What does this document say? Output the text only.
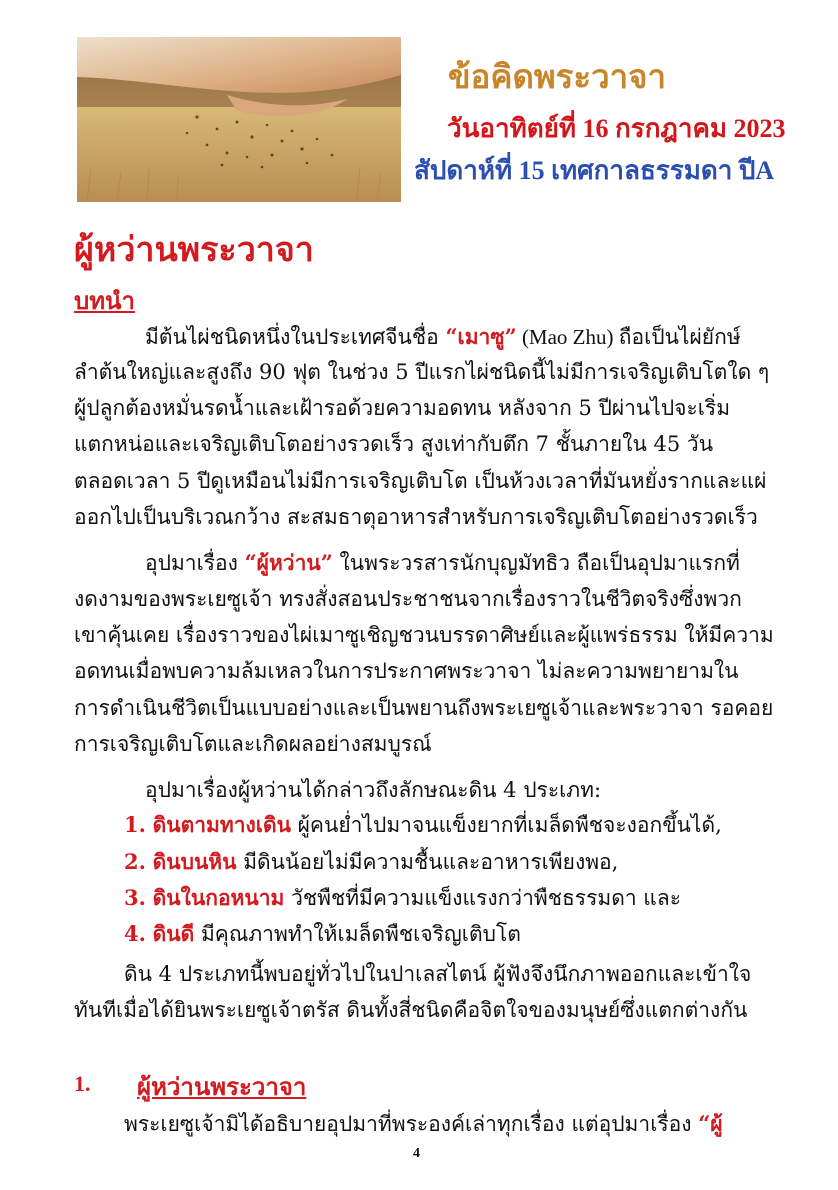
ข้อคิดพระวาจา
วันอาทิตย์ที่ 16 กรกฎาคม 2023
สัปดาห์ที่ 15 เทศกาลธรรมดา ปีA
ผู้หว่านพระวาจา
บทนำ
มีต้นไผ่ชนิดหนึ่งในประเทศจีนชื่อ “เมาซู” (Mao Zhu) ถือเป็นไผ่ยักษ์
ลำต้นใหญ่และสูงถึง 90 ฟุต ในช่วง 5 ปีแรกไผ่ชนิดนี้ไม่มีการเจริญเติบโตใด ๆ
ผู้ปลูกต้องหมั่นรดน้ำและเฝ้ารอด้วยความอดทน หลังจาก 5 ปีผ่านไปจะเริ่ม
แตกหน่อและเจริญเติบโตอย่างรวดเร็ว สูงเท่ากับตึก 7 ชั้นภายใน 45 วัน
ตลอดเวลา 5 ปีดูเหมือนไม่มีการเจริญเติบโต เป็นห้วงเวลาที่มันหยั่งรากและแผ่
ออกไปเป็นบริเวณกว้าง สะสมธาตุอาหารสำหรับการเจริญเติบโตอย่างรวดเร็ว
อุปมาเรื่อง “ผู้หว่าน” ในพระวรสารนักบุญมัทธิว ถือเป็นอุปมาแรกที่
งดงามของพระเยซูเจ้า ทรงสั่งสอนประชาชนจากเรื่องราวในชีวิตจริงซึ่งพวก
เขาคุ้นเคย เรื่องราวของไผ่เมาซูเชิญชวนบรรดาศิษย์และผู้แพร่ธรรม ให้มีความ
อดทนเมื่อพบความล้มเหลวในการประกาศพระวาจา ไม่ละความพยายามใน
การดำเนินชีวิตเป็นแบบอย่างและเป็นพยานถึงพระเยซูเจ้าและพระวาจา รอคอย
การเจริญเติบโตและเกิดผลอย่างสมบูรณ์
อุปมาเรื่องผู้หว่านได้กล่าวถึงลักษณะดิน 4 ประเภท:
1. ดินตามทางเดิน ผู้คนย่ำไปมาจนแข็งยากที่เมล็ดพืชจะงอกขึ้นได้,
2. ดินบนหิน มีดินน้อยไม่มีความชื้นและอาหารเพียงพอ,
3. ดินในกอหนาม วัชพืชที่มีความแข็งแรงกว่าพืชธรรมดา และ
4. ดินดี มีคุณภาพทำให้เมล็ดพืชเจริญเติบโต
ดิน 4 ประเภทนี้พบอยู่ทั่วไปในปาเลสไตน์ ผู้ฟังจึงนึกภาพออกและเข้าใจ
ทันทีเมื่อได้ยินพระเยซูเจ้าตรัส ดินทั้งสี่ชนิดคือจิตใจของมนุษย์ซึ่งแตกต่างกัน
1. ผู้หว่านพระวาจา
พระเยซูเจ้ามิได้อธิบายอุปมาที่พระองค์เล่าทุกเรื่อง แต่อุปมาเรื่อง “ผู้
4
